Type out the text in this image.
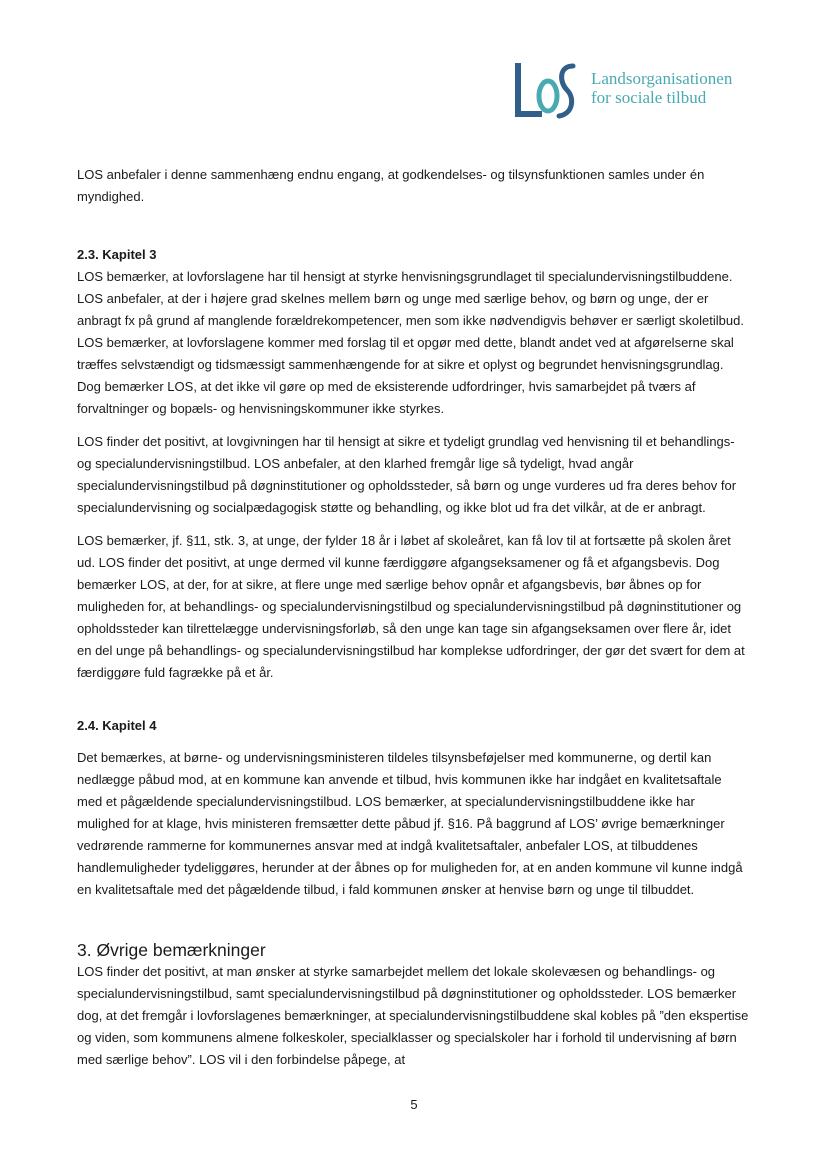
Landsorganisationen
for sociale tilbud

LOS anbefaler i denne sammenhæng endnu engang, at godkendelses- og tilsynsfunktionen samles under én myndighed.

2.3. Kapitel 3

LOS bemærker, at lovforslagene har til hensigt at styrke henvisningsgrundlaget til specialundervisningstilbuddene. LOS anbefaler, at der i højere grad skelnes mellem børn og unge med særlige behov, og børn og unge, der er anbragt fx på grund af manglende forældrekompetencer, men som ikke nødvendigvis behøver er særligt skoletilbud. LOS bemærker, at lovforslagene kommer med forslag til et opgør med dette, blandt andet ved at afgørelserne skal træffes selvstændigt og tidsmæssigt sammenhængende for at sikre et oplyst og begrundet henvisningsgrundlag. Dog bemærker LOS, at det ikke vil gøre op med de eksisterende udfordringer, hvis samarbejdet på tværs af forvaltninger og bopæls- og henvisningskommuner ikke styrkes.

LOS finder det positivt, at lovgivningen har til hensigt at sikre et tydeligt grundlag ved henvisning til et behandlings- og specialundervisningstilbud. LOS anbefaler, at den klarhed fremgår lige så tydeligt, hvad angår specialundervisningstilbud på døgninstitutioner og opholdssteder, så børn og unge vurderes ud fra deres behov for specialundervisning og socialpædagogisk støtte og behandling, og ikke blot ud fra det vilkår, at de er anbragt.

LOS bemærker, jf. §11, stk. 3, at unge, der fylder 18 år i løbet af skoleåret, kan få lov til at fortsætte på skolen året ud. LOS finder det positivt, at unge dermed vil kunne færdiggøre afgangseksamener og få et afgangsbevis. Dog bemærker LOS, at der, for at sikre, at flere unge med særlige behov opnår et afgangsbevis, bør åbnes op for muligheden for, at behandlings- og specialundervisningstilbud og specialundervisningstilbud på døgninstitutioner og opholdssteder kan tilrettelægge undervisningsforløb, så den unge kan tage sin afgangseksamen over flere år, idet en del unge på behandlings- og specialundervisningstilbud har komplekse udfordringer, der gør det svært for dem at færdiggøre fuld fagrække på et år.

2.4. Kapitel 4

Det bemærkes, at børne- og undervisningsministeren tildeles tilsynsbeføjelser med kommunerne, og dertil kan nedlægge påbud mod, at en kommune kan anvende et tilbud, hvis kommunen ikke har indgået en kvalitetsaftale med et pågældende specialundervisningstilbud. LOS bemærker, at specialundervisningstilbuddene ikke har mulighed for at klage, hvis ministeren fremsætter dette påbud jf. §16. På baggrund af LOS’ øvrige bemærkninger vedrørende rammerne for kommunernes ansvar med at indgå kvalitetsaftaler, anbefaler LOS, at tilbuddenes handlemuligheder tydeliggøres, herunder at der åbnes op for muligheden for, at en anden kommune vil kunne indgå en kvalitetsaftale med det pågældende tilbud, i fald kommunen ønsker at henvise børn og unge til tilbuddet.

3. Øvrige bemærkninger

LOS finder det positivt, at man ønsker at styrke samarbejdet mellem det lokale skolevæsen og behandlings- og specialundervisningstilbud, samt specialundervisningstilbud på døgninstitutioner og opholdssteder. LOS bemærker dog, at det fremgår i lovforslagenes bemærkninger, at specialundervisningstilbuddene skal kobles på ”den ekspertise og viden, som kommunens almene folkeskoler, specialklasser og specialskoler har i forhold til undervisning af børn med særlige behov”. LOS vil i den forbindelse påpege, at

5
